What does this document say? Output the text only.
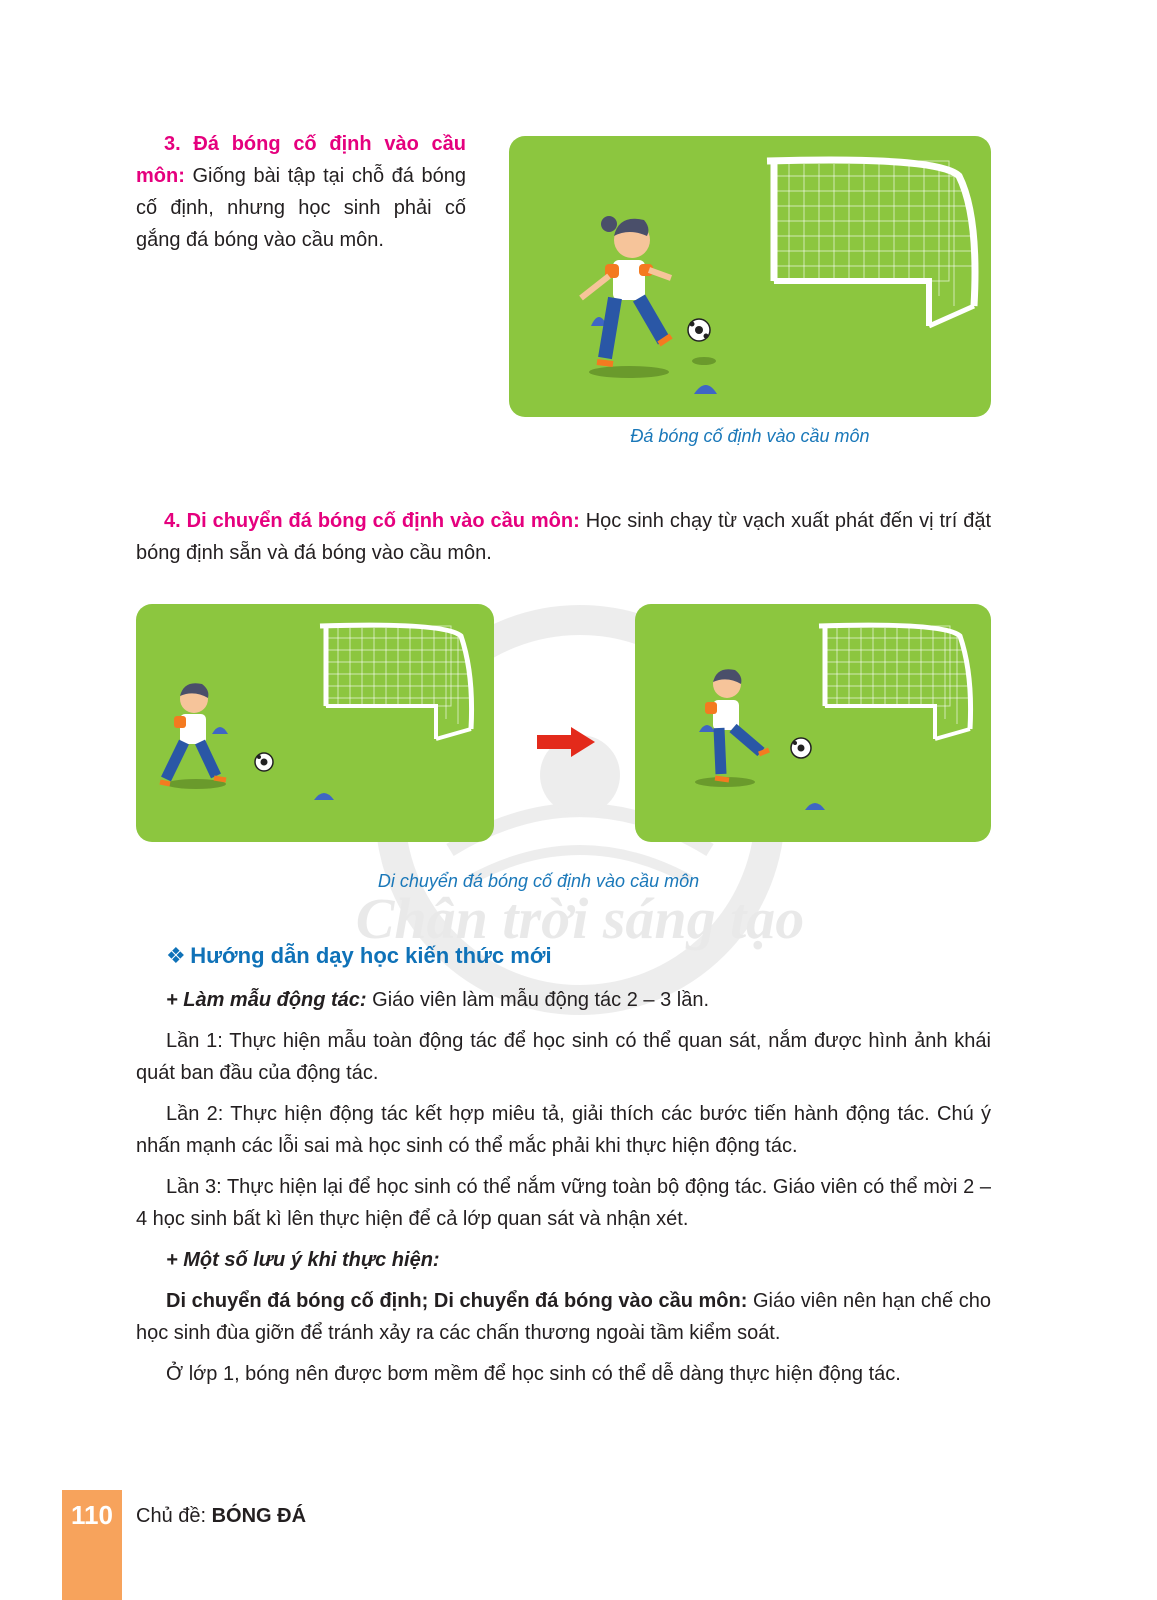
Chân trời sáng tạo

3. Đá bóng cố định vào cầu môn: Giống bài tập tại chỗ đá bóng cố định, nhưng học sinh phải cố gắng đá bóng vào cầu môn.

Đá bóng cố định vào cầu môn

4. Di chuyển đá bóng cố định vào cầu môn: Học sinh chạy từ vạch xuất phát đến vị trí đặt bóng định sẵn và đá bóng vào cầu môn.

Di chuyển đá bóng cố định vào cầu môn
❖ Hướng dẫn dạy học kiến thức mới

+ Làm mẫu động tác: Giáo viên làm mẫu động tác 2 – 3 lần.

Lần 1: Thực hiện mẫu toàn động tác để học sinh có thể quan sát, nắm được hình ảnh khái quát ban đầu của động tác.

Lần 2: Thực hiện động tác kết hợp miêu tả, giải thích các bước tiến hành động tác. Chú ý nhấn mạnh các lỗi sai mà học sinh có thể mắc phải khi thực hiện động tác.

Lần 3: Thực hiện lại để học sinh có thể nắm vững toàn bộ động tác. Giáo viên có thể mời 2 – 4 học sinh bất kì lên thực hiện để cả lớp quan sát và nhận xét.

+ Một số lưu ý khi thực hiện:

Di chuyển đá bóng cố định; Di chuyển đá bóng vào cầu môn: Giáo viên nên hạn chế cho học sinh đùa giỡn để tránh xảy ra các chấn thương ngoài tầm kiểm soát.

Ở lớp 1, bóng nên được bơm mềm để học sinh có thể dễ dàng thực hiện động tác.

110	Chủ đề: BÓNG ĐÁ
